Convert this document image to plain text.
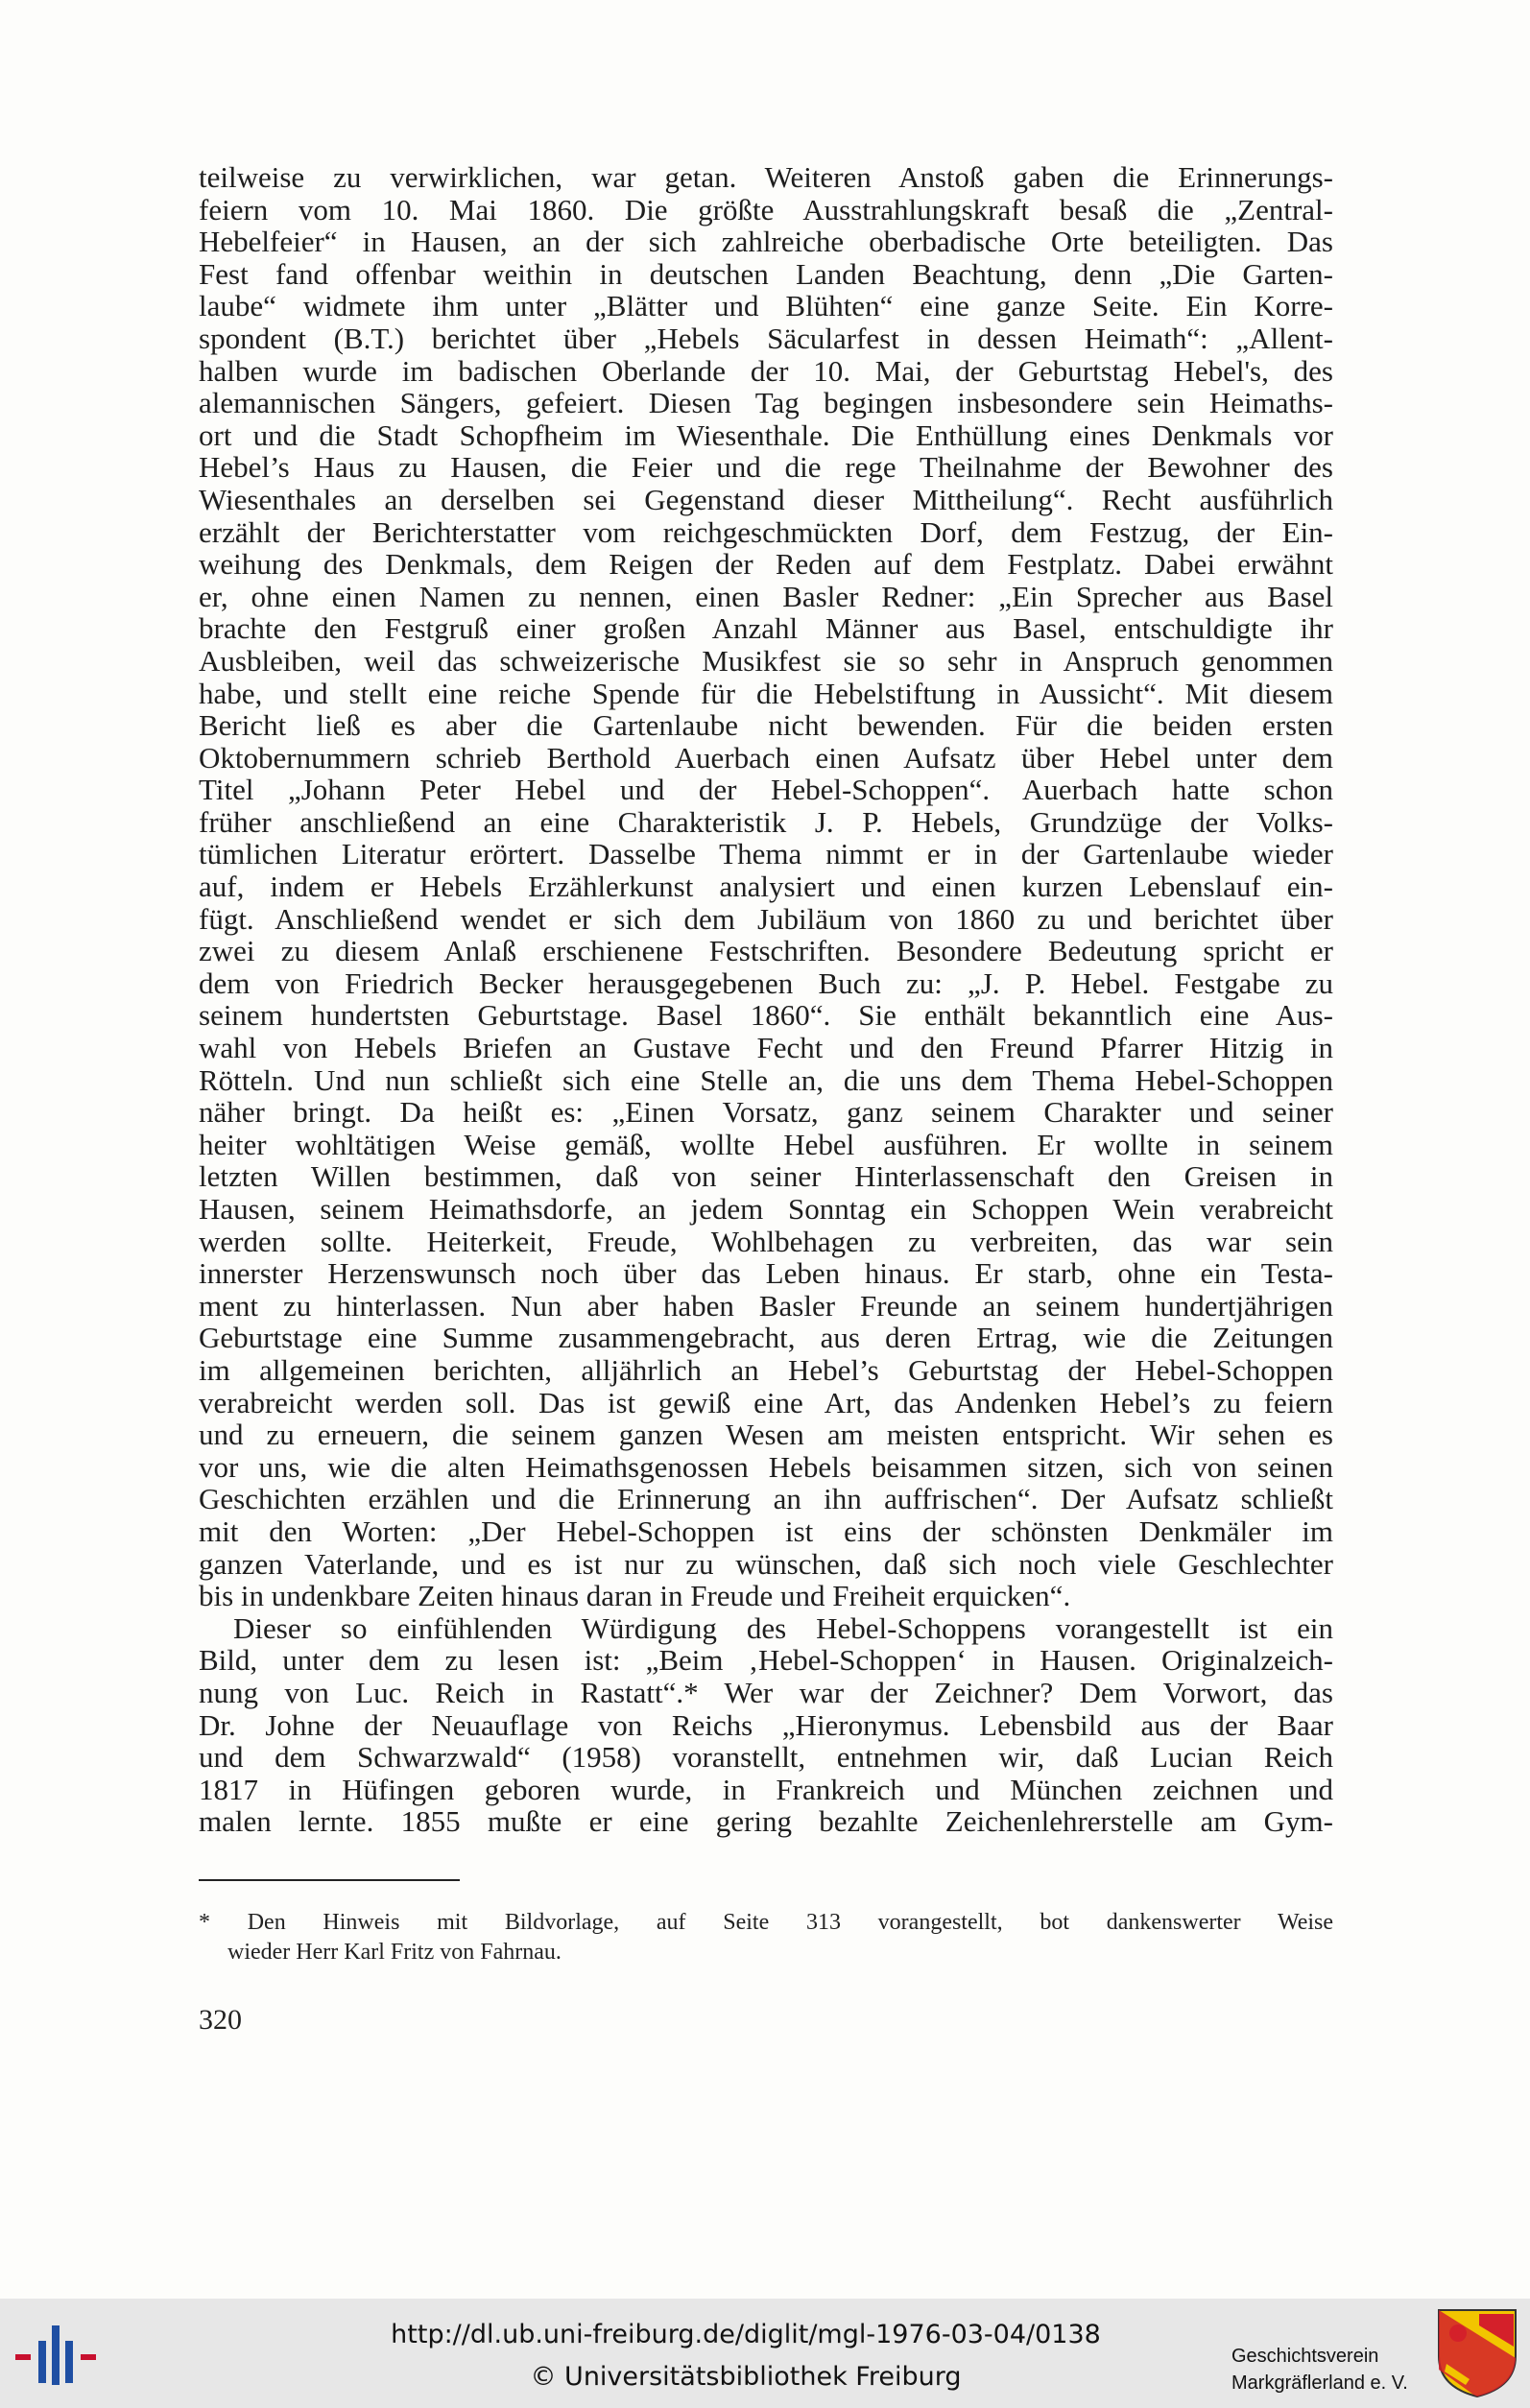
teilweise zu verwirklichen, war getan. Weiteren Anstoß gaben die Erinnerungs-
feiern vom 10. Mai 1860. Die größte Ausstrahlungskraft besaß die „Zentral-
Hebelfeier“ in Hausen, an der sich zahlreiche oberbadische Orte beteiligten. Das
Fest fand offenbar weithin in deutschen Landen Beachtung, denn „Die Garten-
laube“ widmete ihm unter „Blätter und Blühten“ eine ganze Seite. Ein Korre-
spondent (B.T.) berichtet über „Hebels Säcularfest in dessen Heimath“: „Allent-
halben wurde im badischen Oberlande der 10. Mai, der Geburtstag Hebel's, des
alemannischen Sängers, gefeiert. Diesen Tag begingen insbesondere sein Heimaths-
ort und die Stadt Schopfheim im Wiesenthale. Die Enthüllung eines Denkmals vor
Hebel’s Haus zu Hausen, die Feier und die rege Theilnahme der Bewohner des
Wiesenthales an derselben sei Gegenstand dieser Mittheilung“. Recht ausführlich
erzählt der Berichterstatter vom reichgeschmückten Dorf, dem Festzug, der Ein-
weihung des Denkmals, dem Reigen der Reden auf dem Festplatz. Dabei erwähnt
er, ohne einen Namen zu nennen, einen Basler Redner: „Ein Sprecher aus Basel
brachte den Festgruß einer großen Anzahl Männer aus Basel, entschuldigte ihr
Ausbleiben, weil das schweizerische Musikfest sie so sehr in Anspruch genommen
habe, und stellt eine reiche Spende für die Hebelstiftung in Aussicht“. Mit diesem
Bericht ließ es aber die Gartenlaube nicht bewenden. Für die beiden ersten
Oktobernummern schrieb Berthold Auerbach einen Aufsatz über Hebel unter dem
Titel „Johann Peter Hebel und der Hebel-Schoppen“. Auerbach hatte schon
früher anschließend an eine Charakteristik J. P. Hebels, Grundzüge der Volks-
tümlichen Literatur erörtert. Dasselbe Thema nimmt er in der Gartenlaube wieder
auf, indem er Hebels Erzählerkunst analysiert und einen kurzen Lebenslauf ein-
fügt. Anschließend wendet er sich dem Jubiläum von 1860 zu und berichtet über
zwei zu diesem Anlaß erschienene Festschriften. Besondere Bedeutung spricht er
dem von Friedrich Becker herausgegebenen Buch zu: „J. P. Hebel. Festgabe zu
seinem hundertsten Geburtstage. Basel 1860“. Sie enthält bekanntlich eine Aus-
wahl von Hebels Briefen an Gustave Fecht und den Freund Pfarrer Hitzig in
Rötteln. Und nun schließt sich eine Stelle an, die uns dem Thema Hebel-Schoppen
näher bringt. Da heißt es: „Einen Vorsatz, ganz seinem Charakter und seiner
heiter wohltätigen Weise gemäß, wollte Hebel ausführen. Er wollte in seinem
letzten Willen bestimmen, daß von seiner Hinterlassenschaft den Greisen in
Hausen, seinem Heimathsdorfe, an jedem Sonntag ein Schoppen Wein verabreicht
werden sollte. Heiterkeit, Freude, Wohlbehagen zu verbreiten, das war sein
innerster Herzenswunsch noch über das Leben hinaus. Er starb, ohne ein Testa-
ment zu hinterlassen. Nun aber haben Basler Freunde an seinem hundertjährigen
Geburtstage eine Summe zusammengebracht, aus deren Ertrag, wie die Zeitungen
im allgemeinen berichten, alljährlich an Hebel’s Geburtstag der Hebel-Schoppen
verabreicht werden soll. Das ist gewiß eine Art, das Andenken Hebel’s zu feiern
und zu erneuern, die seinem ganzen Wesen am meisten entspricht. Wir sehen es
vor uns, wie die alten Heimathsgenossen Hebels beisammen sitzen, sich von seinen
Geschichten erzählen und die Erinnerung an ihn auffrischen“. Der Aufsatz schließt
mit den Worten: „Der Hebel-Schoppen ist eins der schönsten Denkmäler im
ganzen Vaterlande, und es ist nur zu wünschen, daß sich noch viele Geschlechter
bis in undenkbare Zeiten hinaus daran in Freude und Freiheit erquicken“.
Dieser so einfühlenden Würdigung des Hebel-Schoppens vorangestellt ist ein
Bild, unter dem zu lesen ist: „Beim ‚Hebel-Schoppen‘ in Hausen. Originalzeich-
nung von Luc. Reich in Rastatt“.* Wer war der Zeichner? Dem Vorwort, das
Dr. Johne der Neuauflage von Reichs „Hieronymus. Lebensbild aus der Baar
und dem Schwarzwald“ (1958) voranstellt, entnehmen wir, daß Lucian Reich
1817 in Hüfingen geboren wurde, in Frankreich und München zeichnen und
malen lernte. 1855 mußte er eine gering bezahlte Zeichenlehrerstelle am Gym-
* Den Hinweis mit Bildvorlage, auf Seite 313 vorangestellt, bot dankenswerter Weise
wieder Herr Karl Fritz von Fahrnau.
320
http://dl.ub.uni-freiburg.de/diglit/mgl-1976-03-04/0138
© Universitätsbibliothek Freiburg
Geschichtsverein
Markgräflerland e. V.
